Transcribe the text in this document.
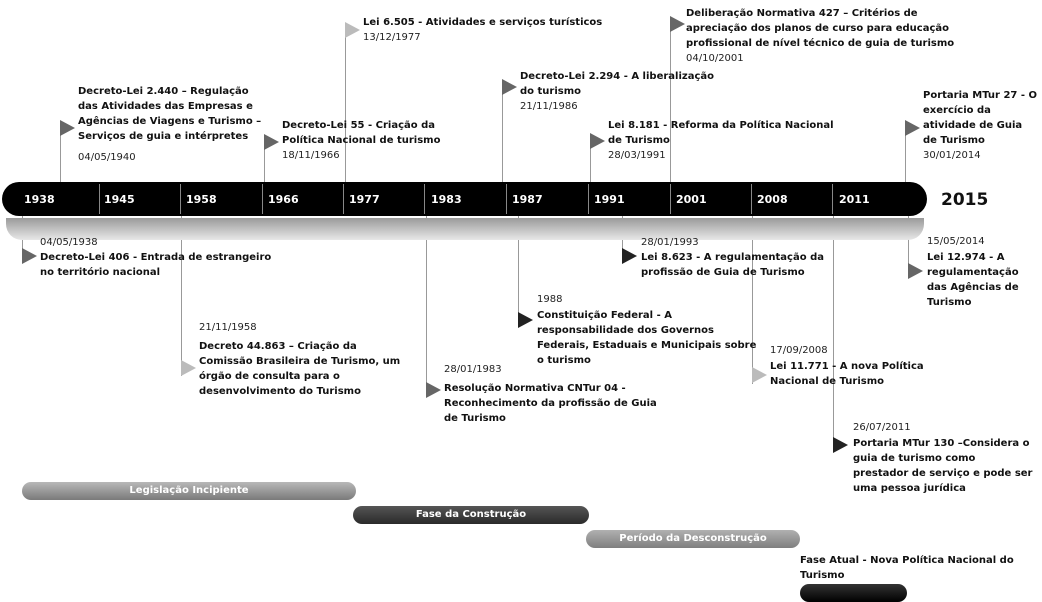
1938	1945	1958	1966	1977	1983	1987	1991	2001	2008	2011	2015
Decreto-Lei 2.440 – Regulação das Atividades das Empresas e Agências de Viagens e Turismo – Serviços de guia e intérpretes
04/05/1940
Decreto-Lei 55 - Criação da Política Nacional de turismo
18/11/1966
Lei 6.505 - Atividades e serviços turísticos
13/12/1977
Decreto-Lei 2.294 - A liberalização do turismo
21/11/1986
Lei 8.181 - Reforma da Política Nacional de Turismo
28/03/1991
Deliberação Normativa 427 – Critérios de apreciação dos planos de curso para educação profissional de nível técnico de guia de turismo
04/10/2001
Portaria MTur 27 - O exercício da atividade de Guia de Turismo
30/01/2014
04/05/1938
Decreto-Lei 406 - Entrada de estrangeiro no território nacional
21/11/1958
Decreto 44.863 – Criação da Comissão Brasileira de Turismo, um órgão de consulta para o desenvolvimento do Turismo
28/01/1983
Resolução Normativa CNTur 04 - Reconhecimento da profissão de Guia de Turismo
1988
Constituição Federal - A responsabilidade dos Governos Federais, Estaduais e Municipais sobre o turismo
28/01/1993
Lei 8.623 - A regulamentação da profissão de Guia de Turismo
17/09/2008
Lei 11.771 - A nova Política Nacional de Turismo
26/07/2011
Portaria MTur 130 –Considera o guia de turismo como prestador de serviço e pode ser uma pessoa jurídica
15/05/2014
Lei 12.974 - A regulamentação das Agências de Turismo
Legislação Incipiente
Fase da Construção
Período da Desconstrução
Fase Atual - Nova Política Nacional do Turismo
